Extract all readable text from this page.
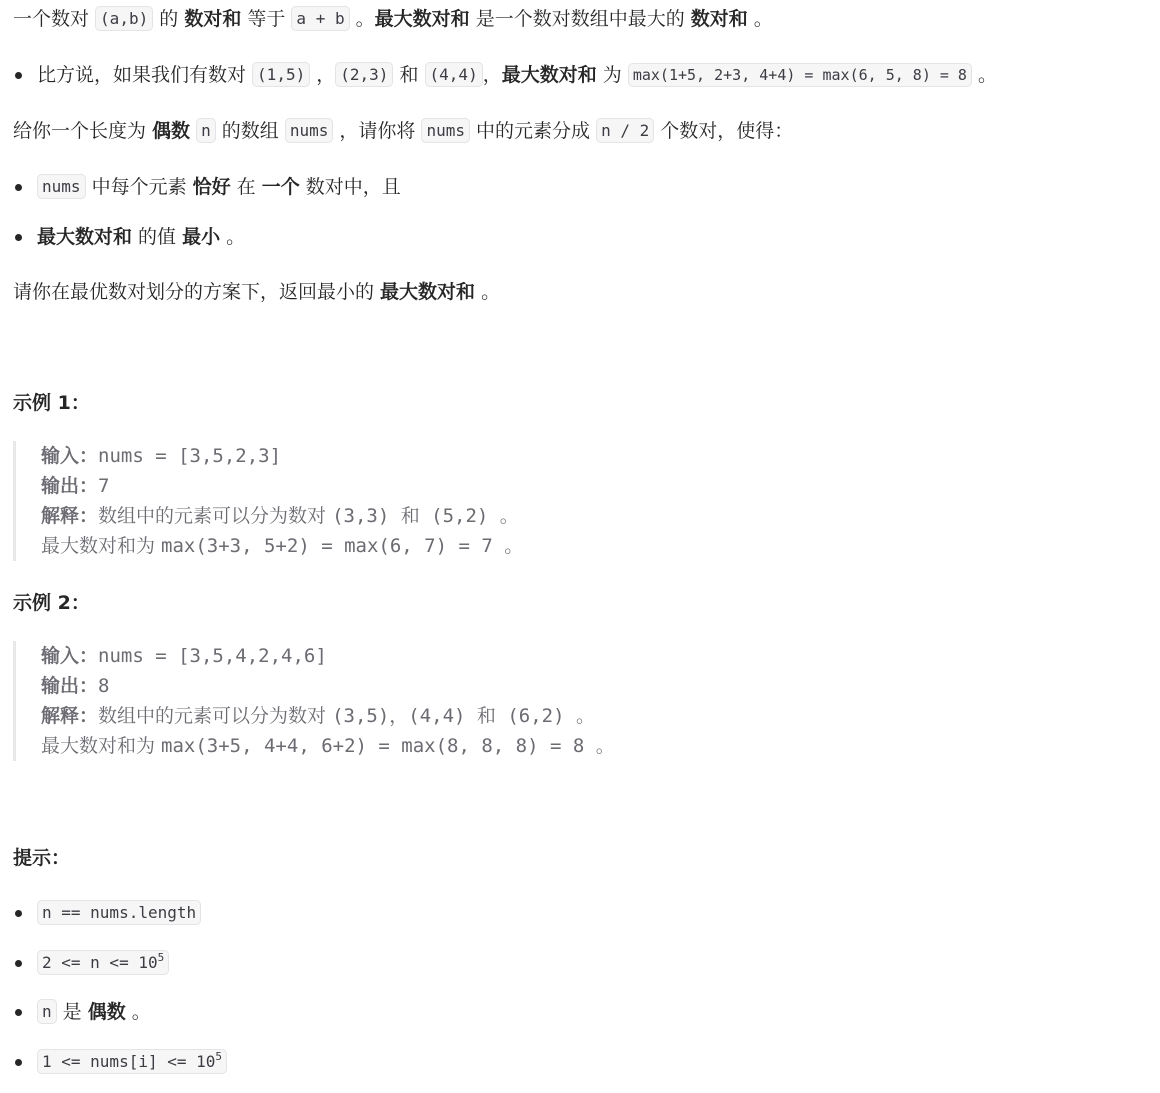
一个数对 (a,b) 的 数对和 等于 a + b 。最大数对和 是一个数对数组中最大的 数对和 。
比方说，如果我们有数对 (1,5) ， (2,3) 和 (4,4) ，最大数对和 为 max(1+5, 2+3, 4+4) = max(6, 5, 8) = 8 。
给你一个长度为 偶数 n 的数组 nums ，请你将 nums 中的元素分成 n / 2 个数对，使得：
nums 中每个元素 恰好 在 一个 数对中，且
最大数对和 的值 最小 。
请你在最优数对划分的方案下，返回最小的 最大数对和 。
示例 1：
输入：nums = [3,5,2,3]
输出：7
解释：数组中的元素可以分为数对 (3,3) 和 (5,2) 。
最大数对和为 max(3+3, 5+2) = max(6, 7) = 7 。
示例 2：
输入：nums = [3,5,4,2,4,6]
输出：8
解释：数组中的元素可以分为数对 (3,5)，(4,4) 和 (6,2) 。
最大数对和为 max(3+5, 4+4, 6+2) = max(8, 8, 8) = 8 。
提示：
n == nums.length
$2 <= n <= 10^5$
n 是 偶数 。
1 <= nums[i] <= $10^5$
